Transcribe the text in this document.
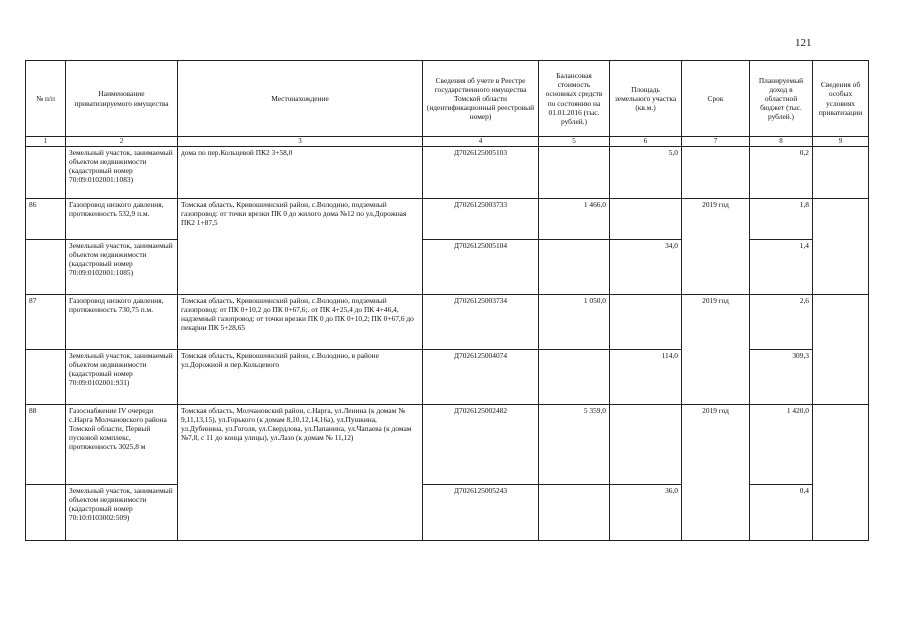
121
№ п/п	Наименование приватизируемого имущества	Местонахождение	Сведения об учете в Реестре государственного имущества Томской области (идентификационный реестровый номер)	Балансовая стоимость основных средств по состоянию на 01.01.2016 (тыс. рублей.)	Площадь земельного участка (кв.м.)	Срок	Планируемый доход в областной бюджет (тыс. рублей.)	Сведения об особых условиях приватизации
1	2	3	4	5	6	7	8	9
	Земельный участок, занимаемый объектом недвижимости (кадастровый номер 70:09:0102001:1083)	дома по пер.Кольцевой ПК2 3+58,0	Д7026125005103		5,0		0,2	
86	Газопровод низкого давления, протяженность 532,9 п.м.	Томская область, Кривошеинский район, с.Володино, подземный газопровод: от точки врезки ПК 0 до жилого дома №12 по ул.Дорожная ПК2 1+87,5	Д7026125003733	1 466,0		2019 год	1,8	
	Земельный участок, занимаемый объектом недвижимости (кадастровый номер 70:09:0102001:1085)		Д7026125005104		34,0		1,4	
87	Газопровод низкого давления, протяженность 730,75 п.м.	Томская область, Кривошеинский район, с.Володино, подземный газопровод: от ПК 0+10,2 до ПК 0+67,6;. от ПК 4+25,4 до ПК 4+46,4, надземный газопровод: от точки врезки ПК 0 до ПК 0+10,2; ПК 0+67,6 до пекарни ПК 5+28,65	Д7026125003734	1 050,0		2019 год	2,6	
	Земельный участок, занимаемый объектом недвижимости (кадастровый номер 70:09:0102001:931)	Томская область, Кривошеинский район, с.Володино, в районе ул.Дорожной и пер.Кольцевого	Д7026125004074		114,0		309,3	
88	Газоснабжение IV очереди с.Нарга Молчановского района Томской области, Первый пусковой комплекс, протяженность 3025,8 м	Томская область, Молчановский район, с.Нарга, ул.Ленина (к домам № 9,11,13,15), ул.Горького (к домам 8,10,12,14,16а), ул.Пушкина, ул.Дубинина, ул.Гоголя, ул.Свердлова, ул.Папанина, ул.Чапаева (к домам №7,8, с 11 до конца улицы), ул.Лазо (к домам № 11,12)	Д7026125002482	5 359,0		2019 год	1 420,0	
	Земельный участок, занимаемый объектом недвижимости (кадастровый номер 70:10:0103002:509)		Д7026125005243		36,0		0,4	
